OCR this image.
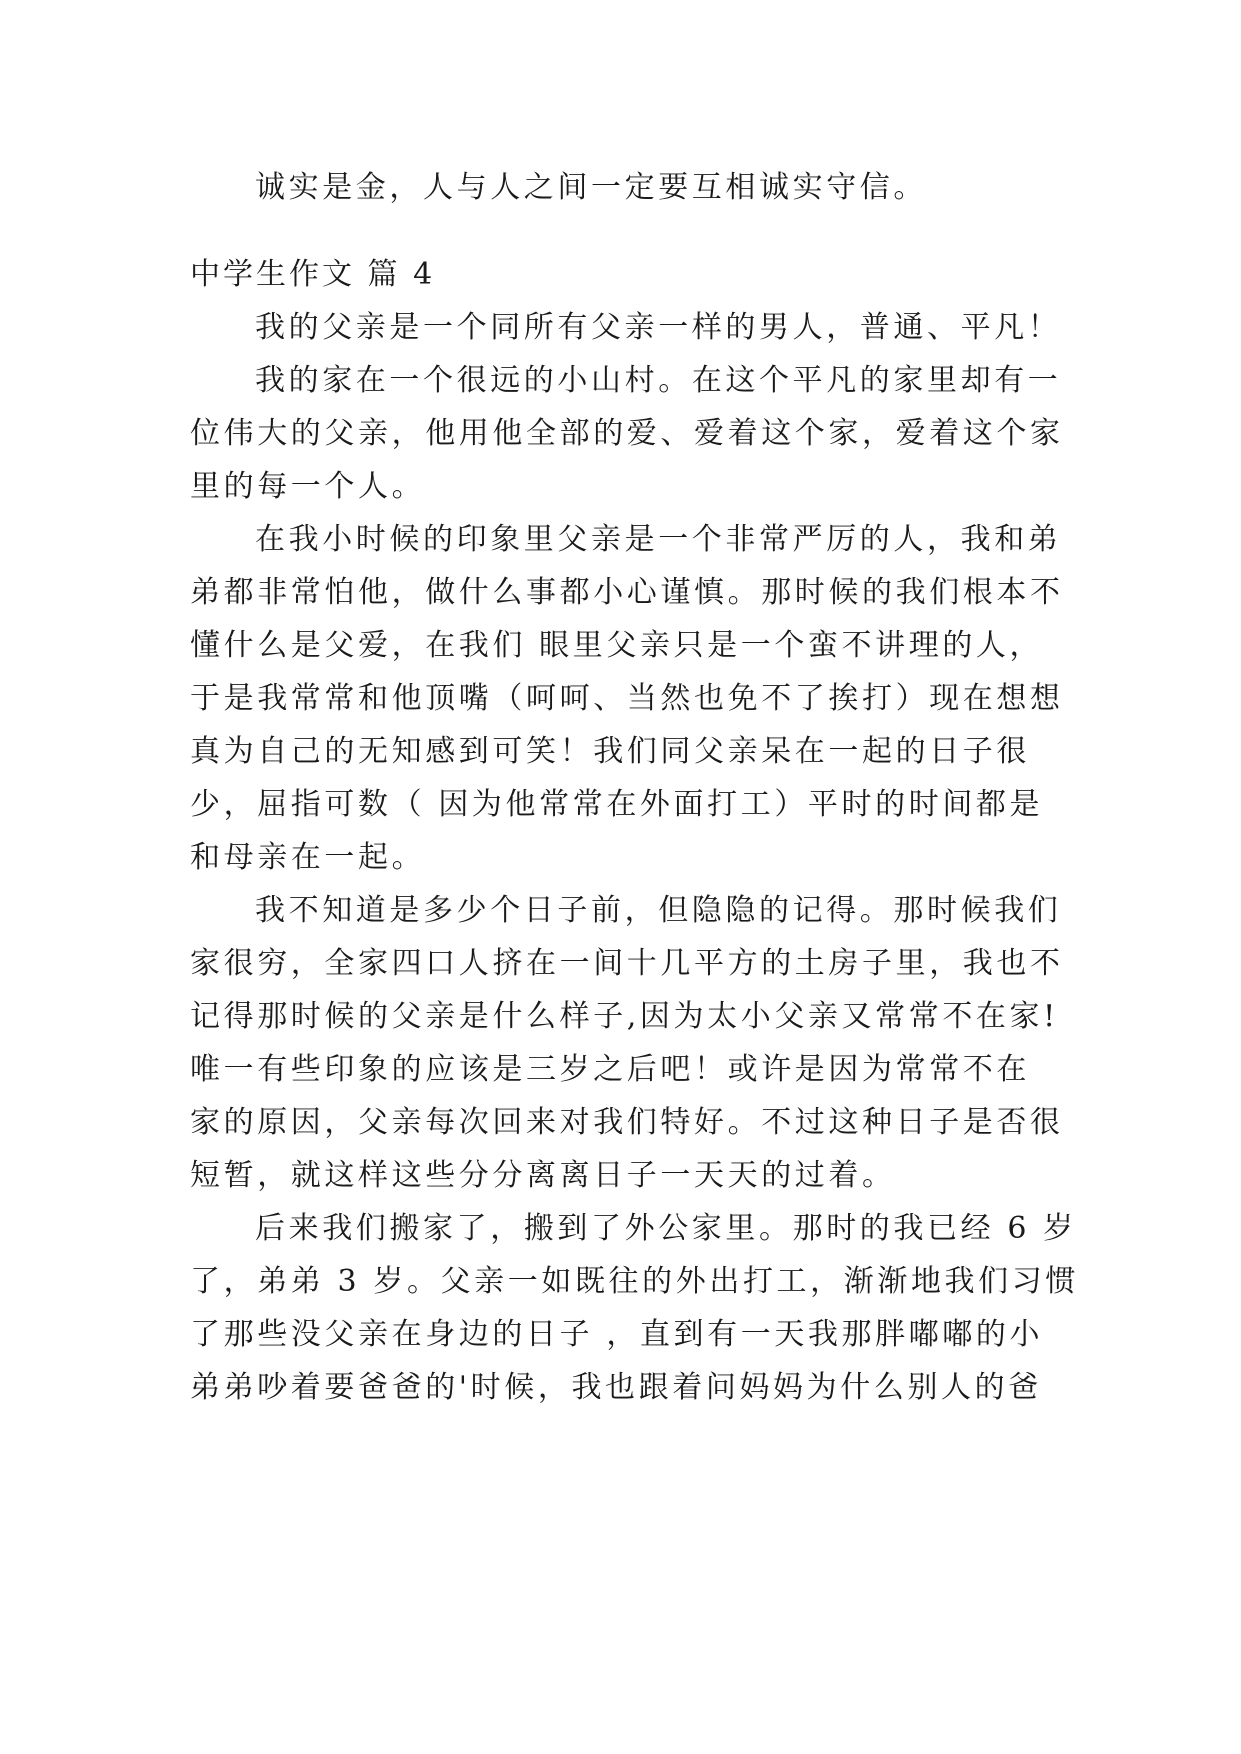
诚实是金，人与人之间一定要互相诚实守信。
中学生作文 篇 4
我的父亲是一个同所有父亲一样的男人，普通、平凡！
我的家在一个很远的小山村。在这个平凡的家里却有一
位伟大的父亲，他用他全部的爱、爱着这个家，爱着这个家
里的每一个人。
在我小时候的印象里父亲是一个非常严厉的人，我和弟
弟都非常怕他，做什么事都小心谨慎。那时候的我们根本不
懂什么是父爱，在我们 眼里父亲只是一个蛮不讲理的人，
于是我常常和他顶嘴（呵呵、当然也免不了挨打）现在想想
真为自己的无知感到可笑！我们同父亲呆在一起的日子很
少，屈指可数（ 因为他常常在外面打工）平时的时间都是
和母亲在一起。
我不知道是多少个日子前，但隐隐的记得。那时候我们
家很穷，全家四口人挤在一间十几平方的土房子里，我也不
记得那时候的父亲是什么样子,因为太小父亲又常常不在家!
唯一有些印象的应该是三岁之后吧！或许是因为常常不在
家的原因，父亲每次回来对我们特好。不过这种日子是否很
短暂，就这样这些分分离离日子一天天的过着。
后来我们搬家了，搬到了外公家里。那时的我已经 6 岁
了，弟弟 3 岁。父亲一如既往的外出打工，渐渐地我们习惯
了那些没父亲在身边的日子 ，直到有一天我那胖嘟嘟的小
弟弟吵着要爸爸的'时候，我也跟着问妈妈为什么别人的爸
